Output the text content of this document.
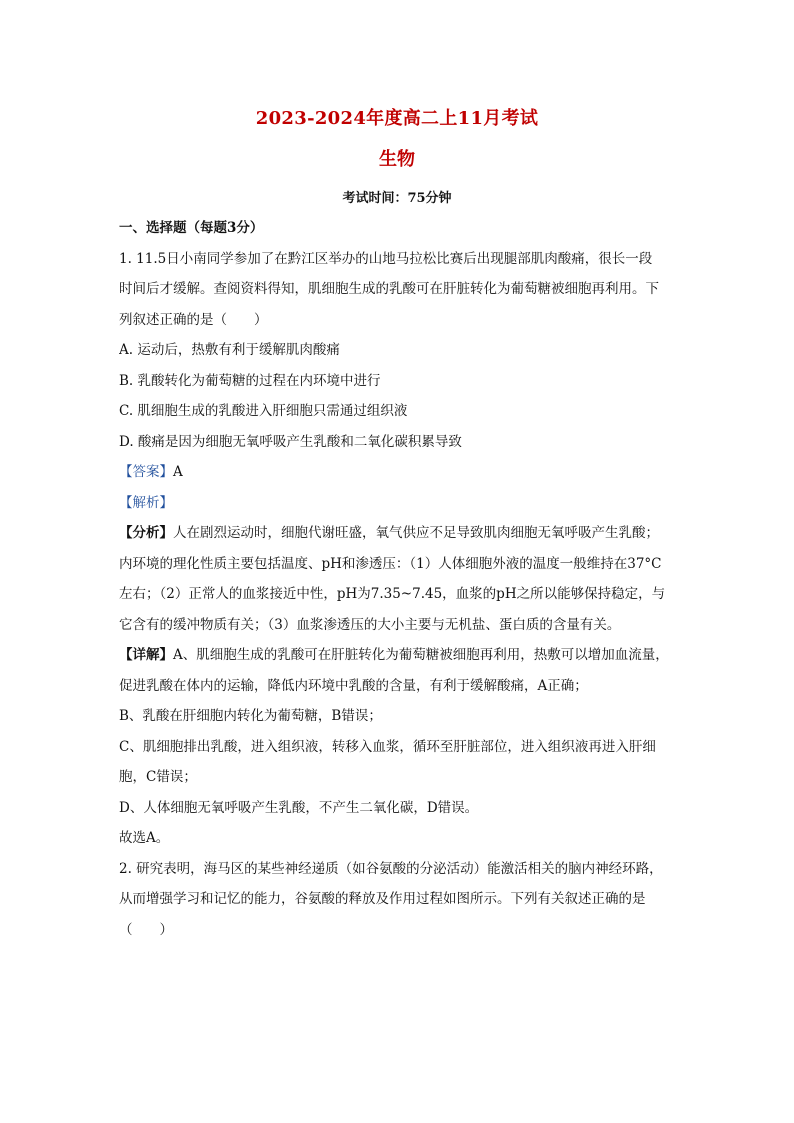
2023-2024年度高二上11月考试
生物
考试时间：75分钟
一、选择题（每题3分）
1. 11.5日小南同学参加了在黔江区举办的山地马拉松比赛后出现腿部肌肉酸痛，很长一段
时间后才缓解。查阅资料得知，肌细胞生成的乳酸可在肝脏转化为葡萄糖被细胞再利用。下
列叙述正确的是（　　）
A. 运动后，热敷有利于缓解肌肉酸痛
B. 乳酸转化为葡萄糖的过程在内环境中进行
C. 肌细胞生成的乳酸进入肝细胞只需通过组织液
D. 酸痛是因为细胞无氧呼吸产生乳酸和二氧化碳积累导致
【答案】A
【解析】
【分析】人在剧烈运动时，细胞代谢旺盛，氧气供应不足导致肌肉细胞无氧呼吸产生乳酸；
内环境的理化性质主要包括温度、pH和渗透压：（1）人体细胞外液的温度一般维持在37°C
左右；（2）正常人的血浆接近中性，pH为7.35~7.45，血浆的pH之所以能够保持稳定，与
它含有的缓冲物质有关；（3）血浆渗透压的大小主要与无机盐、蛋白质的含量有关。
【详解】A、肌细胞生成的乳酸可在肝脏转化为葡萄糖被细胞再利用，热敷可以增加血流量，
促进乳酸在体内的运输，降低内环境中乳酸的含量，有利于缓解酸痛，A正确；
B、乳酸在肝细胞内转化为葡萄糖，B错误；
C、肌细胞排出乳酸，进入组织液，转移入血浆，循环至肝脏部位，进入组织液再进入肝细
胞，C错误；
D、人体细胞无氧呼吸产生乳酸，不产生二氧化碳，D错误。
故选A。
2. 研究表明，海马区的某些神经递质（如谷氨酸的分泌活动）能激活相关的脑内神经环路，
从而增强学习和记忆的能力，谷氨酸的释放及作用过程如图所示。下列有关叙述正确的是
（　　）
